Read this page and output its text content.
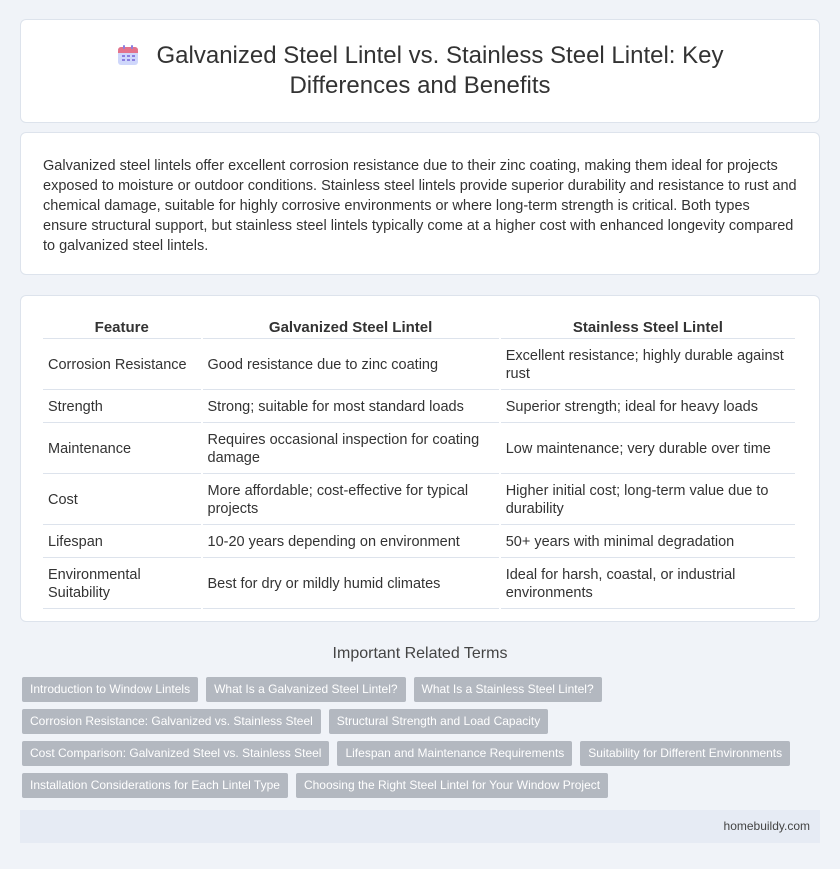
Galvanized Steel Lintel vs. Stainless Steel Lintel: Key Differences and Benefits

Galvanized steel lintels offer excellent corrosion resistance due to their zinc coating, making them ideal for projects exposed to moisture or outdoor conditions. Stainless steel lintels provide superior durability and resistance to rust and chemical damage, suitable for highly corrosive environments or where long-term strength is critical. Both types ensure structural support, but stainless steel lintels typically come at a higher cost with enhanced longevity compared to galvanized steel lintels.

Feature	Galvanized Steel Lintel	Stainless Steel Lintel
Corrosion Resistance	Good resistance due to zinc coating	Excellent resistance; highly durable against rust
Strength	Strong; suitable for most standard loads	Superior strength; ideal for heavy loads
Maintenance	Requires occasional inspection for coating damage	Low maintenance; very durable over time
Cost	More affordable; cost-effective for typical projects	Higher initial cost; long-term value due to durability
Lifespan	10-20 years depending on environment	50+ years with minimal degradation
Environmental Suitability	Best for dry or mildly humid climates	Ideal for harsh, coastal, or industrial environments
Important Related Terms
Introduction to Window Lintels	What Is a Galvanized Steel Lintel?	What Is a Stainless Steel Lintel?
Corrosion Resistance: Galvanized vs. Stainless Steel	Structural Strength and Load Capacity
Cost Comparison: Galvanized Steel vs. Stainless Steel	Lifespan and Maintenance Requirements	Suitability for Different Environments
Installation Considerations for Each Lintel Type	Choosing the Right Steel Lintel for Your Window Project
homebuildy.com
